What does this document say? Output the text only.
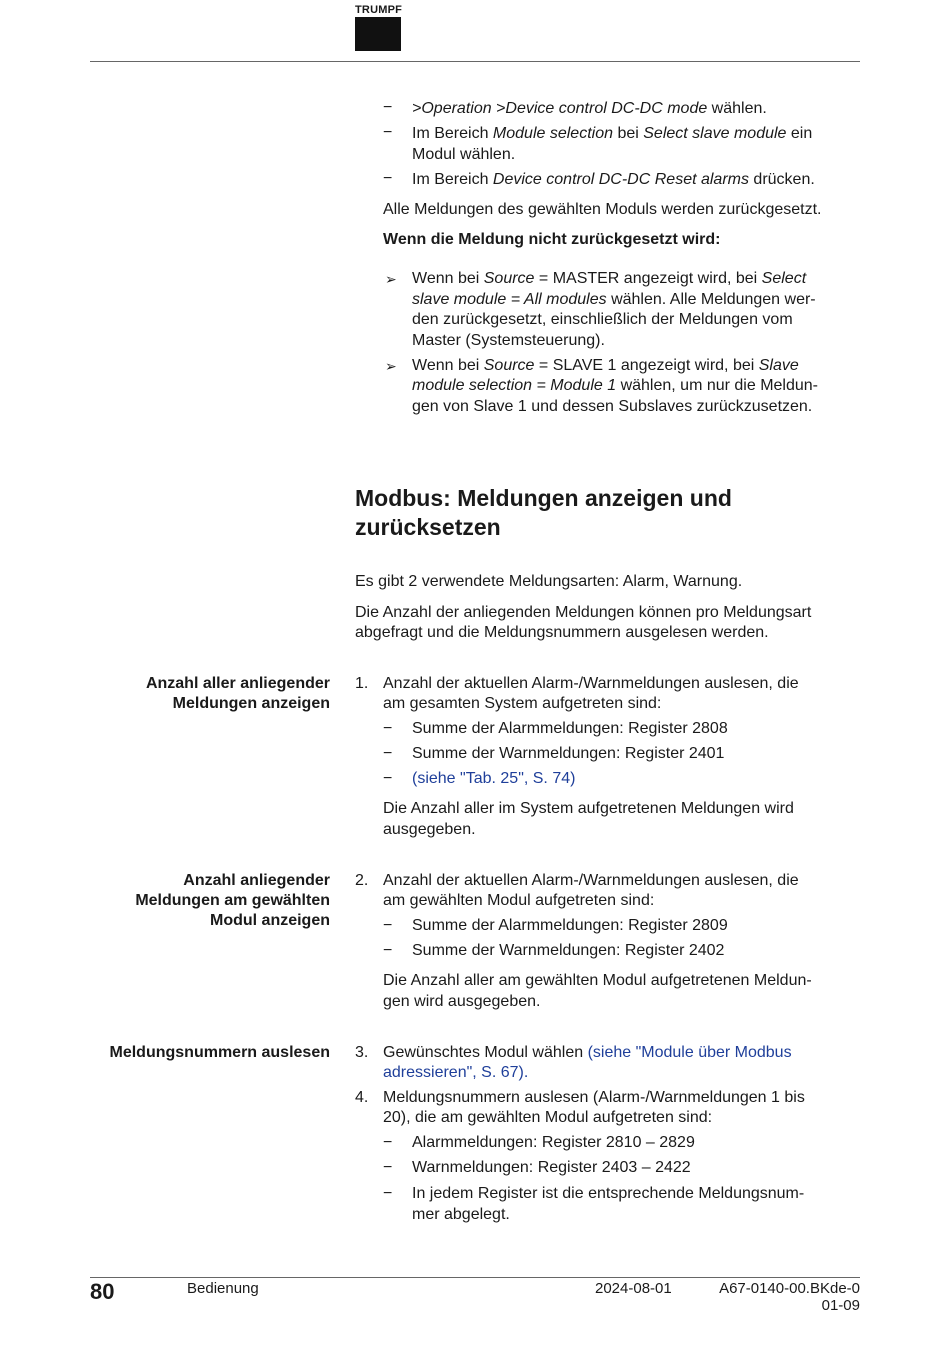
TRUMPF
− >Operation >Device control DC-DC mode wählen.
− Im Bereich Module selection bei Select slave module ein
Modul wählen.
− Im Bereich Device control DC-DC Reset alarms drücken.
Alle Meldungen des gewählten Moduls werden zurückgesetzt.
Wenn die Meldung nicht zurückgesetzt wird:
➢ Wenn bei Source = MASTER angezeigt wird, bei Select
slave module = All modules wählen. Alle Meldungen wer-
den zurückgesetzt, einschließlich der Meldungen vom
Master (Systemsteuerung).
➢ Wenn bei Source = SLAVE 1 angezeigt wird, bei Slave
module selection = Module 1 wählen, um nur die Meldun-
gen von Slave 1 und dessen Subslaves zurückzusetzen.
Modbus: Meldungen anzeigen und
zurücksetzen
Es gibt 2 verwendete Meldungsarten: Alarm, Warnung.
Die Anzahl der anliegenden Meldungen können pro Meldungsart
abgefragt und die Meldungsnummern ausgelesen werden.
Anzahl aller anliegender
Meldungen anzeigen
1. Anzahl der aktuellen Alarm-/Warnmeldungen auslesen, die
am gesamten System aufgetreten sind:
− Summe der Alarmmeldungen: Register 2808
− Summe der Warnmeldungen: Register 2401
− (siehe "Tab. 25", S. 74)
Die Anzahl aller im System aufgetretenen Meldungen wird
ausgegeben.
Anzahl anliegender
Meldungen am gewählten
Modul anzeigen
2. Anzahl der aktuellen Alarm-/Warnmeldungen auslesen, die
am gewählten Modul aufgetreten sind:
− Summe der Alarmmeldungen: Register 2809
− Summe der Warnmeldungen: Register 2402
Die Anzahl aller am gewählten Modul aufgetretenen Meldun-
gen wird ausgegeben.
Meldungsnummern auslesen 3. Gewünschtes Modul wählen (siehe "Module über Modbus
adressieren", S. 67).
4. Meldungsnummern auslesen (Alarm-/Warnmeldungen 1 bis
20), die am gewählten Modul aufgetreten sind:
− Alarmmeldungen: Register 2810 – 2829
− Warnmeldungen: Register 2403 – 2422
− In jedem Register ist die entsprechende Meldungsnum-
mer abgelegt.
80	Bedienung	2024-08-01	A67-0140-00.BKde-0
01-09
